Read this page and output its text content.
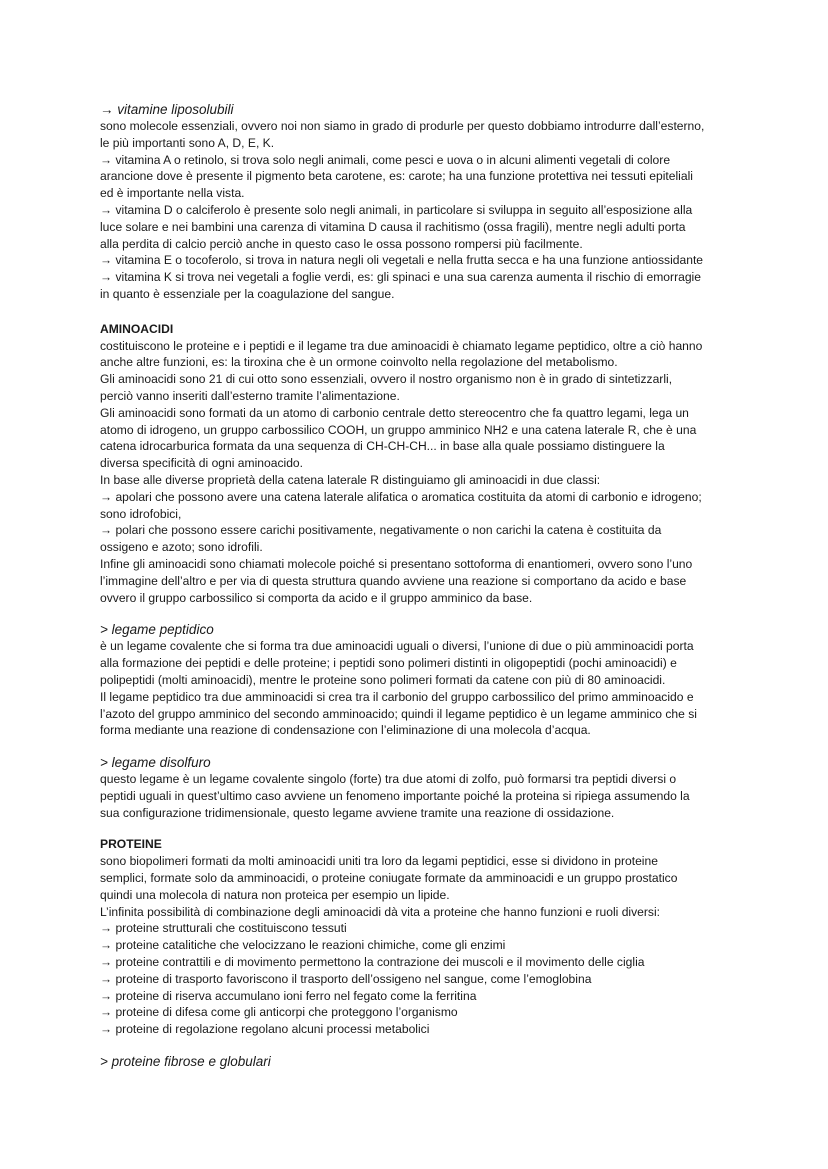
→ vitamine liposolubili

sono molecole essenziali, ovvero noi non siamo in grado di produrle per questo dobbiamo introdurre dall’esterno,

le più importanti sono A, D, E, K.

→ vitamina A o retinolo, si trova solo negli animali, come pesci e uova o in alcuni alimenti vegetali di colore

arancione dove è presente il pigmento beta carotene, es: carote; ha una funzione protettiva nei tessuti epiteliali

ed è importante nella vista.

→ vitamina D o calciferolo è presente solo negli animali, in particolare si sviluppa in seguito all’esposizione alla

luce solare e nei bambini una carenza di vitamina D causa il rachitismo (ossa fragili), mentre negli adulti porta

alla perdita di calcio perciò anche in questo caso le ossa possono rompersi più facilmente.

→ vitamina E o tocoferolo, si trova in natura negli oli vegetali e nella frutta secca e ha una funzione antiossidante

→ vitamina K si trova nei vegetali a foglie verdi, es: gli spinaci e una sua carenza aumenta il rischio di emorragie

in quanto è essenziale per la coagulazione del sangue.

AMINOACIDI

costituiscono le proteine e i peptidi e il legame tra due aminoacidi è chiamato legame peptidico, oltre a ciò hanno

anche altre funzioni, es: la tiroxina che è un ormone coinvolto nella regolazione del metabolismo.

Gli aminoacidi sono 21 di cui otto sono essenziali, ovvero il nostro organismo non è in grado di sintetizzarli,

perciò vanno inseriti dall’esterno tramite l’alimentazione.

Gli aminoacidi sono formati da un atomo di carbonio centrale detto stereocentro che fa quattro legami, lega un

atomo di idrogeno, un gruppo carbossilico COOH, un gruppo amminico NH2 e una catena laterale R, che è una

catena idrocarburica formata da una sequenza di CH-CH-CH... in base alla quale possiamo distinguere la

diversa specificità di ogni aminoacido.

In base alle diverse proprietà della catena laterale R distinguiamo gli aminoacidi in due classi:

→ apolari che possono avere una catena laterale alifatica o aromatica costituita da atomi di carbonio e idrogeno;

sono idrofobici,

→ polari che possono essere carichi positivamente, negativamente o non carichi la catena è costituita da

ossigeno e azoto; sono idrofili.

Infine gli aminoacidi sono chiamati molecole poiché si presentano sottoforma di enantiomeri, ovvero sono l’uno

l’immagine dell’altro e per via di questa struttura quando avviene una reazione si comportano da acido e base

ovvero il gruppo carbossilico si comporta da acido e il gruppo amminico da base.

> legame peptidico

è un legame covalente che si forma tra due aminoacidi uguali o diversi, l’unione di due o più amminoacidi porta

alla formazione dei peptidi e delle proteine; i peptidi sono polimeri distinti in oligopeptidi (pochi aminoacidi) e

polipeptidi (molti aminoacidi), mentre le proteine sono polimeri formati da catene con più di 80 aminoacidi.

Il legame peptidico tra due amminoacidi si crea tra il carbonio del gruppo carbossilico del primo amminoacido e

l’azoto del gruppo amminico del secondo amminoacido; quindi il legame peptidico è un legame amminico che si

forma mediante una reazione di condensazione con l’eliminazione di una molecola d’acqua.

> legame disolfuro

questo legame è un legame covalente singolo (forte) tra due atomi di zolfo, può formarsi tra peptidi diversi o

peptidi uguali in quest’ultimo caso avviene un fenomeno importante poiché la proteina si ripiega assumendo la

sua configurazione tridimensionale, questo legame avviene tramite una reazione di ossidazione.

PROTEINE

sono biopolimeri formati da molti aminoacidi uniti tra loro da legami peptidici, esse si dividono in proteine

semplici, formate solo da amminoacidi, o proteine coniugate formate da amminoacidi e un gruppo prostatico

quindi una molecola di natura non proteica per esempio un lipide.

L’infinita possibilità di combinazione degli aminoacidi dà vita a proteine che hanno funzioni e ruoli diversi:

→ proteine strutturali che costituiscono tessuti

→ proteine catalitiche che velocizzano le reazioni chimiche, come gli enzimi

→ proteine contrattili e di movimento permettono la contrazione dei muscoli e il movimento delle ciglia

→ proteine di trasporto favoriscono il trasporto dell’ossigeno nel sangue, come l’emoglobina

→ proteine di riserva accumulano ioni ferro nel fegato come la ferritina

→ proteine di difesa come gli anticorpi che proteggono l’organismo

→ proteine di regolazione regolano alcuni processi metabolici

> proteine fibrose e globulari
